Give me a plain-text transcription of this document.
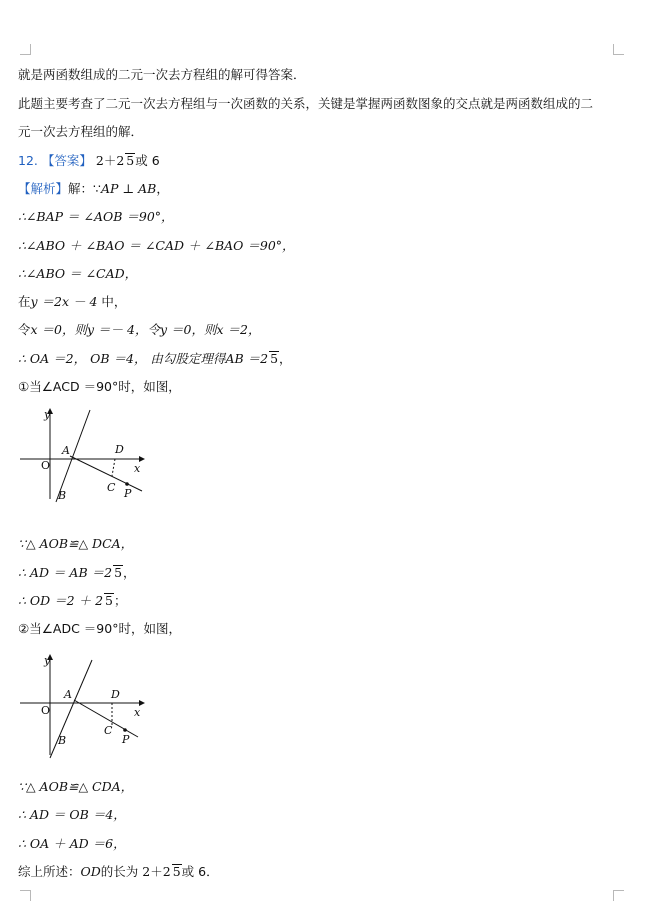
就是两函数组成的二元一次去方程组的解可得答案．
此题主要考查了二元一次去方程组与一次函数的关系，关键是掌握两函数图象的交点就是两函数组成的二
元一次去方程组的解．
12. 【答案】 2＋2 5或 6
【解析】解：∵AP ⊥ AB，
∴∠BAP ＝ ∠AOB ＝90°，
∴∠ABO ＋ ∠BAO ＝ ∠CAD ＋ ∠BAO ＝90°，
∴∠ABO ＝ ∠CAD，
在y ＝2x － 4 中，
令x ＝0，则y ＝－ 4，令y ＝0，则x ＝2，
∴ OA ＝2， OB ＝4， 由勾股定理得AB ＝2 5，
①当∠ACD ＝90°时，如图，
y
x
O
A
B
C
D
P
∵△ AOB≌△ DCA，
∴ AD ＝ AB ＝2 5，
∴ OD ＝2 ＋ 2 5；
②当∠ADC ＝90°时，如图，
y
x
O
A
B
C
D
P
∵△ AOB≌△ CDA，
∴ AD ＝ OB ＝4，
∴ OA ＋ AD ＝6，
综上所述：OD的长为 2＋2 5或 6．
